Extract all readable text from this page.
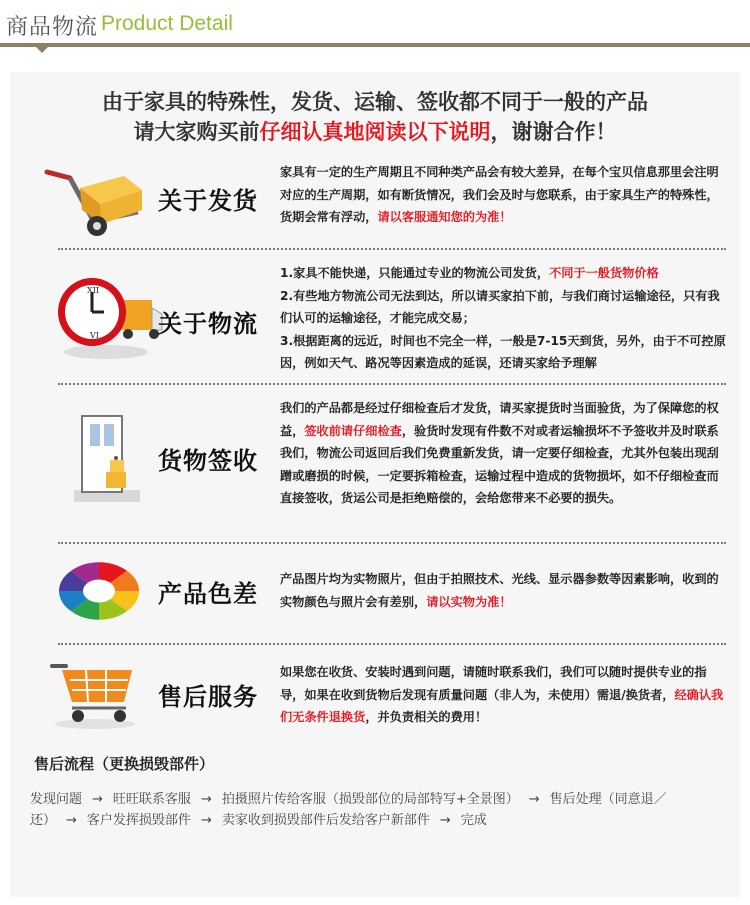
商品物流 Product Detail
由于家具的特殊性，发货、运输、签收都不同于一般的产品
请大家购买前仔细认真地阅读以下说明，谢谢合作！
关于发货

家具有一定的生产周期且不同种类产品会有较大差异，在每个宝贝信息那里会注明对应的生产周期，如有断货情况，我们会及时与您联系，由于家具生产的特殊性，货期会常有浮动，请以客服通知您的为准！

XII
VI 关于物流

1.家具不能快递，只能通过专业的物流公司发货，不同于一般货物价格

2.有些地方物流公司无法到达，所以请买家拍下前，与我们商讨运输途径，只有我们认可的运输途径，才能完成交易；

3.根据距离的远近，时间也不完全一样，一般是7-15天到货，另外，由于不可控原因，例如天气、路况等因素造成的延误，还请买家给予理解

货物签收

我们的产品都是经过仔细检查后才发货，请买家提货时当面验货，为了保障您的权益，签收前请仔细检查，验货时发现有件数不对或者运输损坏不予签收并及时联系我们，物流公司返回后我们免费重新发货，请一定要仔细检查，尤其外包装出现刮蹭或磨损的时候，一定要拆箱检查，运输过程中造成的货物损坏，如不仔细检查而直接签收，货运公司是拒绝赔偿的，会给您带来不必要的损失。

产品色差

产品图片均为实物照片，但由于拍照技术、光线、显示器参数等因素影响，收到的实物颜色与照片会有差别，请以实物为准！

售后服务

如果您在收货、安装时遇到问题，请随时联系我们，我们可以随时提供专业的指导，如果在收到货物后发现有质量问题（非人为，未使用）需退/换货者，经确认我们无条件退换货，并负责相关的费用！

售后流程（更换损毁部件）
发现问题 → 旺旺联系客服 → 拍摄照片传给客服（损毁部位的局部特写+全景图） → 售后处理（同意退／
还） → 客户发挥损毁部件 → 卖家收到损毁部件后发给客户新部件 → 完成
